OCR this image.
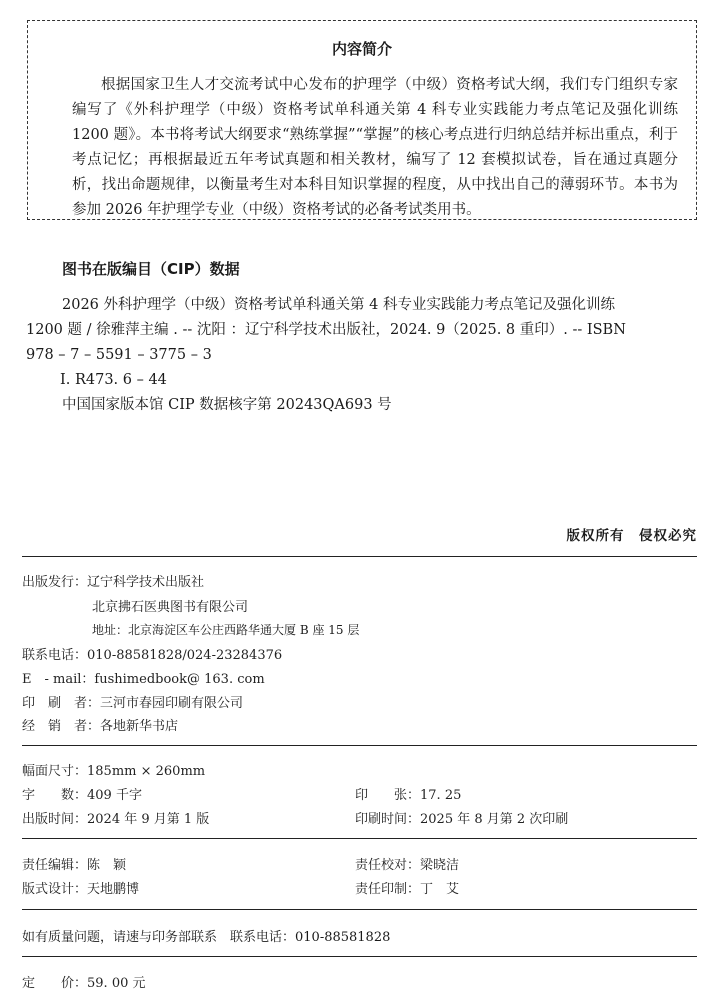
内容简介
根据国家卫生人才交流考试中心发布的护理学（中级）资格考试大纲，我们专门组织专家编写了《外科护理学（中级）资格考试单科通关第 4 科专业实践能力考点笔记及强化训练 1200 题》。本书将考试大纲要求“熟练掌握”“掌握”的核心考点进行归纳总结并标出重点，利于考点记忆；再根据最近五年考试真题和相关教材，编写了 12 套模拟试卷，旨在通过真题分析，找出命题规律，以衡量考生对本科目知识掌握的程度，从中找出自己的薄弱环节。本书为参加 2026 年护理学专业（中级）资格考试的必备考试类用书。
图书在版编目（CIP）数据
2026 外科护理学（中级）资格考试单科通关第 4 科专业实践能力考点笔记及强化训练
1200 题 / 徐雅萍主编 . -- 沈阳 ：辽宁科学技术出版社，2024. 9（2025. 8 重印）. -- ISBN
978 – 7 – 5591 – 3775 – 3
Ⅰ. R473. 6 – 44
中国国家版本馆 CIP 数据核字第 20243QA693 号
版权所有　侵权必究
出版发行：辽宁科学技术出版社
北京拂石医典图书有限公司
地址：北京海淀区车公庄西路华通大厦 B 座 15 层
联系电话：010-88581828/024-23284376
E　- mail：fushimedbook@ 163. com
印　刷　者：三河市春园印刷有限公司
经　销　者：各地新华书店
幅面尺寸：185mm × 260mm
字　　数：409 千字	印　　张：17. 25
出版时间：2024 年 9 月第 1 版	印刷时间：2025 年 8 月第 2 次印刷
责任编辑：陈　颖	责任校对：梁晓洁
版式设计：天地鹏博	责任印制：丁　艾
如有质量问题，请速与印务部联系　联系电话：010-88581828
定　　价：59. 00 元
